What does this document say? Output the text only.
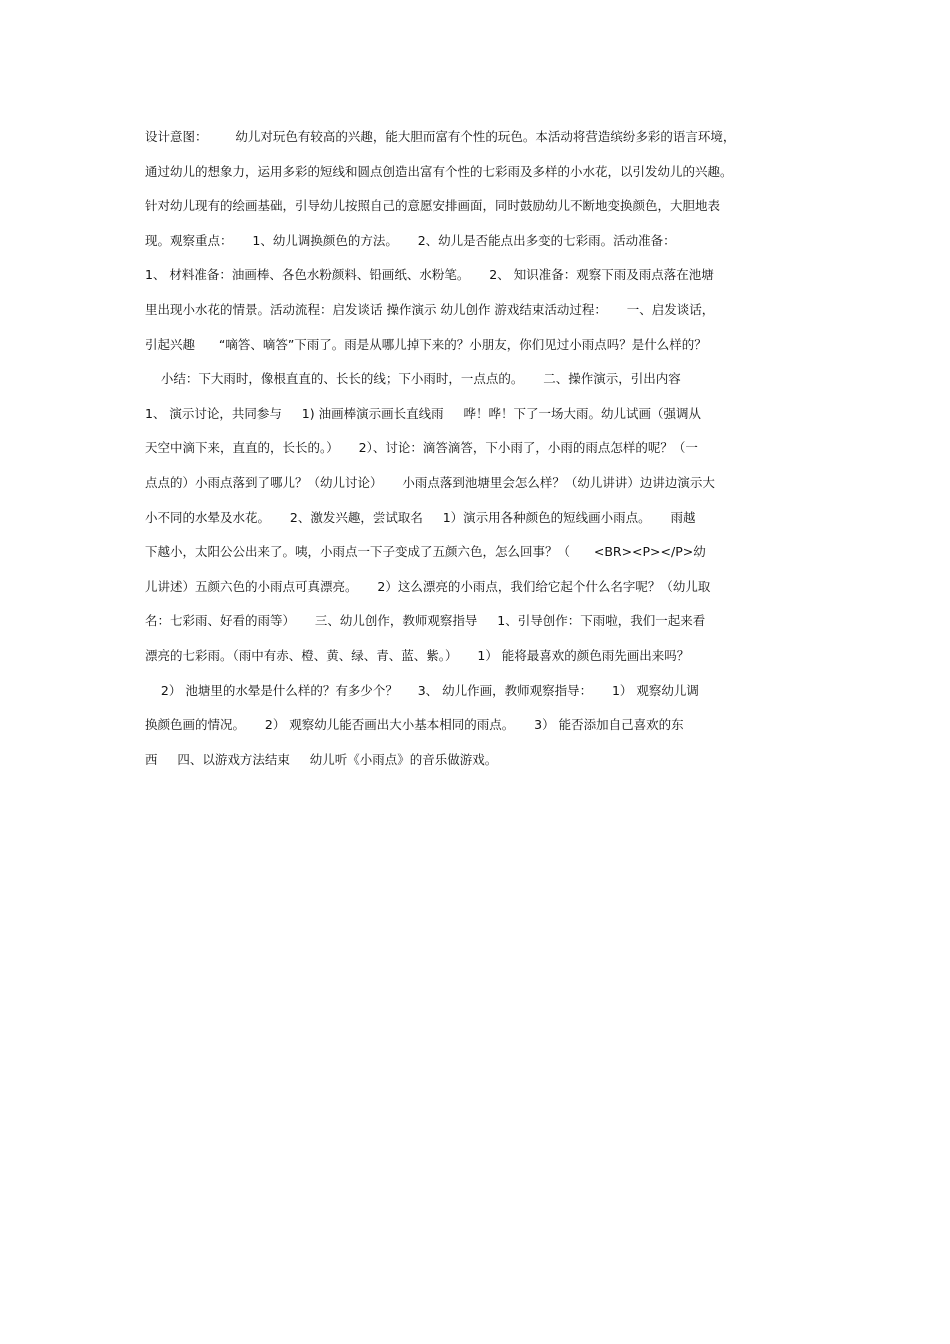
设计意图：       幼儿对玩色有较高的兴趣，能大胆而富有个性的玩色。本活动将营造缤纷多彩的语言环境，
通过幼儿的想象力，运用多彩的短线和圆点创造出富有个性的七彩雨及多样的小水花，以引发幼儿的兴趣。
针对幼儿现有的绘画基础，引导幼儿按照自己的意愿安排画面，同时鼓励幼儿不断地变换颜色，大胆地表
现。观察重点：     1、幼儿调换颜色的方法。     2、幼儿是否能点出多变的七彩雨。活动准备：
1、 材料准备：油画棒、各色水粉颜料、铅画纸、水粉笔。     2、 知识准备：观察下雨及雨点落在池塘
里出现小水花的情景。活动流程：启发谈话 操作演示 幼儿创作 游戏结束活动过程：     一、启发谈话，
引起兴趣      “嘀答、嘀答”下雨了。雨是从哪儿掉下来的？小朋友，你们见过小雨点吗？是什么样的？
小结：下大雨时，像根直直的、长长的线；下小雨时，一点点的。     二、操作演示，引出内容
1、 演示讨论，共同参与     1) 油画棒演示画长直线雨     哗！哗！下了一场大雨。幼儿试画（强调从
天空中滴下来，直直的，长长的。）     2）、讨论：滴答滴答，下小雨了，小雨的雨点怎样的呢？（一
点点的）小雨点落到了哪儿？（幼儿讨论）     小雨点落到池塘里会怎么样？（幼儿讲讲）边讲边演示大
小不同的水晕及水花。     2、激发兴趣，尝试取名     1）演示用各种颜色的短线画小雨点。     雨越
下越小，太阳公公出来了。咦，小雨点一下子变成了五颜六色，怎么回事？（      <BR><P></P>幼
儿讲述）五颜六色的小雨点可真漂亮。     2）这么漂亮的小雨点，我们给它起个什么名字呢？（幼儿取
名：七彩雨、好看的雨等）     三、幼儿创作，教师观察指导     1、引导创作：下雨啦，我们一起来看
漂亮的七彩雨。（雨中有赤、橙、黄、绿、青、蓝、紫。）     1） 能将最喜欢的颜色雨先画出来吗？
2） 池塘里的水晕是什么样的？有多少个？     3、 幼儿作画，教师观察指导：     1） 观察幼儿调
换颜色画的情况。     2） 观察幼儿能否画出大小基本相同的雨点。     3） 能否添加自己喜欢的东
西     四、以游戏方法结束     幼儿听《小雨点》的音乐做游戏。
